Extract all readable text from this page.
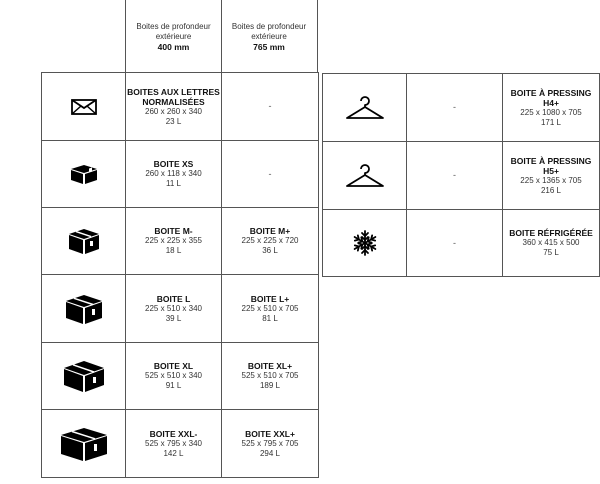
Boites de profondeur
extérieure
400 mm
Boites de profondeur
extérieure
765 mm

BOITES AUX LETTRES NORMALISÉES
260 x 260 x 340
23 L	-

BOITE XS
260 x 118 x 340
11 L	-

BOITE M-
225 x 225 x 355
18 L	BOITE M+
225 x 225 x 720
36 L

BOITE L
225 x 510 x 340
39 L	BOITE L+
225 x 510 x 705
81 L

BOITE XL
525 x 510 x 340
91 L	BOITE XL+
525 x 510 x 705
189 L

BOITE XXL-
525 x 795 x 340
142 L	BOITE XXL+
525 x 795 x 705
294 L
	-	BOITE À PRESSING H4+
225 x 1080 x 705
171 L

	-	BOITE À PRESSING H5+
225 x 1365 x 705
216 L

	-	BOITE RÉFRIGÉRÉE
360 x 415 x 500
75 L
